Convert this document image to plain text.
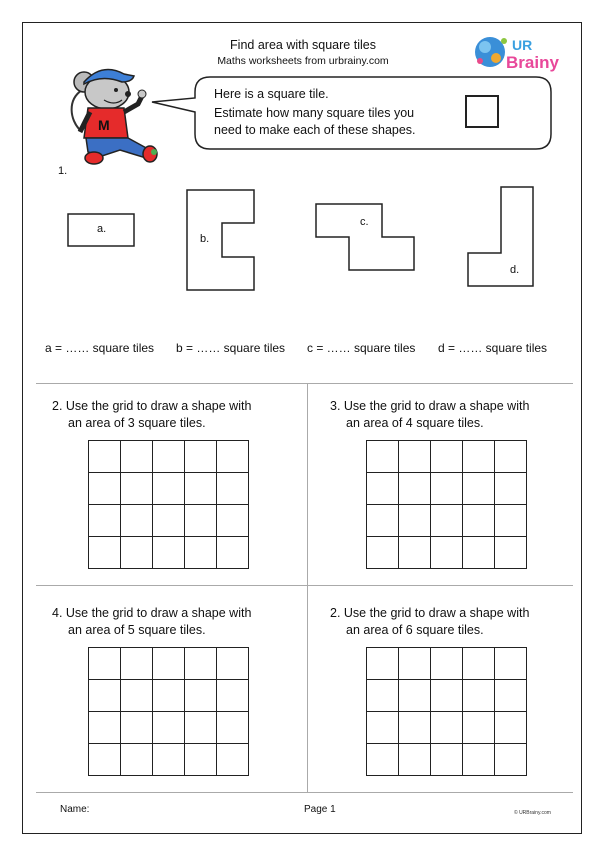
Find area with square tiles
Maths worksheets from urbrainy.com
UR
Brainy
M
Here is a square tile.
Estimate how many square tiles you
need to make each of these shapes.
1.
a.
b.
c.
d.
a = …… square tiles b = …… square tiles c = …… square tiles d = …… square tiles
2. Use the grid to draw a shape with
an area of 3 square tiles.

3. Use the grid to draw a shape with
an area of 4 square tiles.

4. Use the grid to draw a shape with
an area of 5 square tiles.

2. Use the grid to draw a shape with
an area of 6 square tiles.

Name:	Page 1	© URBrainy.com
